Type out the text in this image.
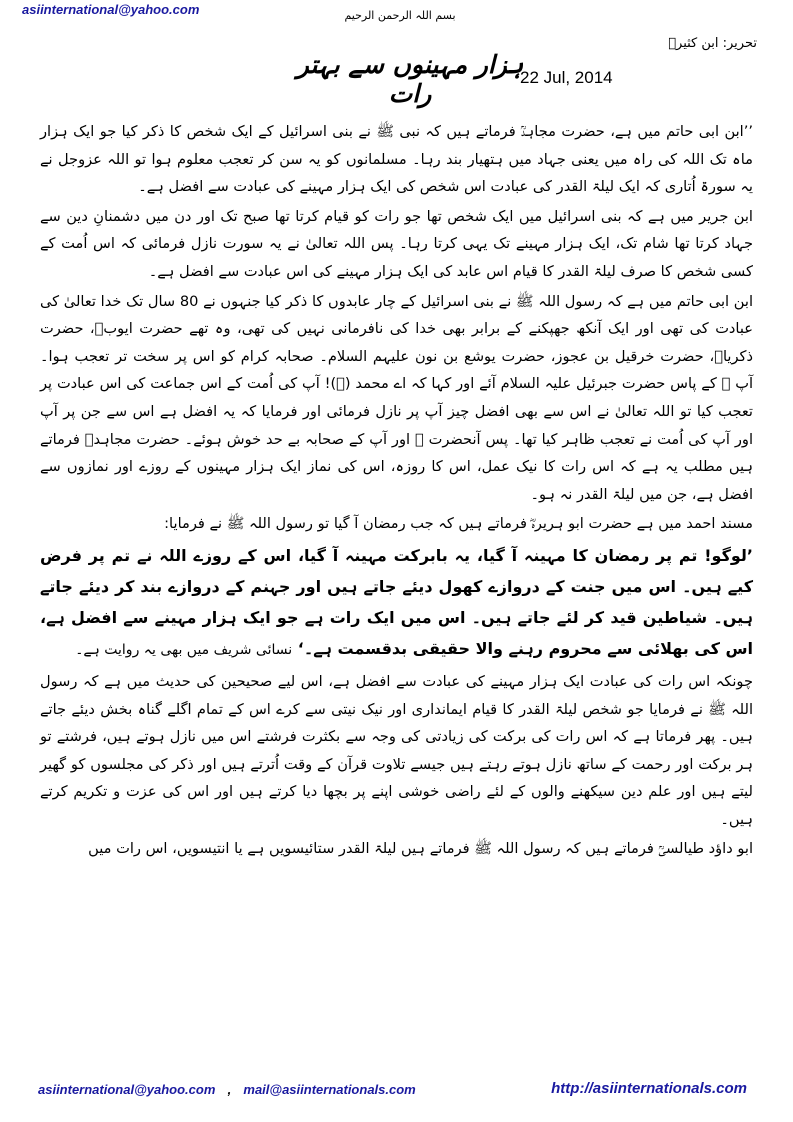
asiinternational@yahoo.com	بسم اللہ الرحمن الرحیم
تحریر: ابن کثیرؒ
ہزار مہینوں سے بہتر رات
22 Jul, 2014

’’ابن ابی حاتم میں ہے، حضرت مجاہدؒ فرماتے ہیں کہ نبی ﷺ نے بنی اسرائیل کے ایک شخص کا ذکر کیا جو ایک ہزار ماہ تک اللہ کی راہ میں یعنی جہاد میں ہتھیار بند رہا۔ مسلمانوں کو یہ سن کر تعجب معلوم ہوا تو اللہ عزوجل نے یہ سورۃ اُتاری کہ ایک لیلۃ القدر کی عبادت اس شخص کی ایک ہزار مہینے کی عبادت سے افضل ہے۔

ابن جریر میں ہے کہ بنی اسرائیل میں ایک شخص تھا جو رات کو قیام کرتا تھا صبح تک اور دن میں دشمنانِ دین سے جہاد کرتا تھا شام تک، ایک ہزار مہینے تک یہی کرتا رہا۔ پس اللہ تعالیٰ نے یہ سورت نازل فرمائی کہ اس اُمت کے کسی شخص کا صرف لیلۃ القدر کا قیام اس عابد کی ایک ہزار مہینے کی اس عبادت سے افضل ہے۔

ابن ابی حاتم میں ہے کہ رسول اللہ ﷺ نے بنی اسرائیل کے چار عابدوں کا ذکر کیا جنہوں نے 80 سال تک خدا تعالیٰ کی عبادت کی تھی اور ایک آنکھ جھپکنے کے برابر بھی خدا کی نافرمانی نہیں کی تھی، وہ تھے حضرت ایوبؑ، حضرت ذکریاؑ، حضرت خرقیل بن عجوز، حضرت یوشع بن نون علیہم السلام۔ صحابہ کرام کو اس پر سخت تر تعجب ہوا۔ آپ ﷺ کے پاس حضرت جبرئیل علیہ السلام آئے اور کہا کہ اے محمد (ﷺ)! آپ کی اُمت کے اس جماعت کی اس عبادت پر تعجب کیا تو اللہ تعالیٰ نے اس سے بھی افضل چیز آپ پر نازل فرمائی اور فرمایا کہ یہ افضل ہے اس سے جن پر آپ اور آپ کی اُمت نے تعجب ظاہر کیا تھا۔ پس آنحضرت ﷺ اور آپ کے صحابہ بے حد خوش ہوئے۔ حضرت مجاہدؒ فرماتے ہیں مطلب یہ ہے کہ اس رات کا نیک عمل، اس کا روزہ، اس کی نماز ایک ہزار مہینوں کے روزے اور نمازوں سے افضل ہے، جن میں لیلۃ القدر نہ ہو۔

مسند احمد میں ہے حضرت ابو ہریرہؓ فرماتے ہیں کہ جب رمضان آ گیا تو رسول اللہ ﷺ نے فرمایا:

’لوگو! تم پر رمضان کا مہینہ آ گیا، یہ بابرکت مہینہ آ گیا، اس کے روزے اللہ نے تم پر فرض کیے ہیں۔ اس میں جنت کے دروازے کھول دیئے جاتے ہیں اور جہنم کے دروازے بند کر دیئے جاتے ہیں۔ شیاطین قید کر لئے جاتے ہیں۔ اس میں ایک رات ہے جو ایک ہزار مہینے سے افضل ہے، اس کی بھلائی سے محروم رہنے والا حقیقی بدقسمت ہے۔‘ نسائی شریف میں بھی یہ روایت ہے۔

چونکہ اس رات کی عبادت ایک ہزار مہینے کی عبادت سے افضل ہے، اس لیے صحیحین کی حدیث میں ہے کہ رسول اللہ ﷺ نے فرمایا جو شخص لیلۃ القدر کا قیام ایمانداری اور نیک نیتی سے کرے اس کے تمام اگلے گناہ بخش دیئے جاتے ہیں۔ پھر فرماتا ہے کہ اس رات کی برکت کی زیادتی کی وجہ سے بکثرت فرشتے اس میں نازل ہوتے ہیں، فرشتے تو ہر برکت اور رحمت کے ساتھ نازل ہوتے رہتے ہیں جیسے تلاوت قرآن کے وقت اُترتے ہیں اور ذکر کی مجلسوں کو گھیر لیتے ہیں اور علم دین سیکھنے والوں کے لئے راضی خوشی اپنے پر بچھا دیا کرتے ہیں اور اس کی عزت و تکریم کرتے ہیں۔

ابو داؤد طیالسیؒ فرماتے ہیں کہ رسول اللہ ﷺ فرماتے ہیں لیلۃ القدر ستائیسویں ہے یا انتیسویں، اس رات میں

asiinternational@yahoo.com , mail@asiinternationals.com	http://asiinternationals.com
